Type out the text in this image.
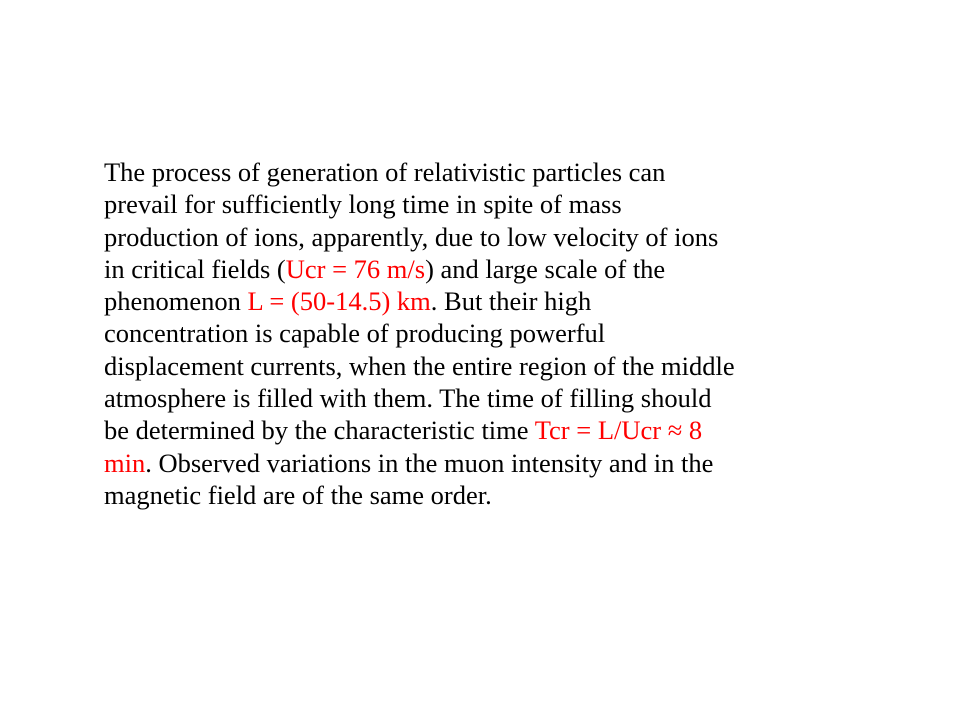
The process of generation of relativistic particles can
prevail for sufficiently long time in spite of mass
production of ions, apparently, due to low velocity of ions
in critical fields (Ucr = 76 m/s) and large scale of the
phenomenon L = (50-14.5) km. But their high
concentration is capable of producing powerful
displacement currents, when the entire region of the middle
atmosphere is filled with them. The time of filling should
be determined by the characteristic time Tcr = L/Ucr ≈ 8
min. Observed variations in the muon intensity and in the
magnetic field are of the same order.
